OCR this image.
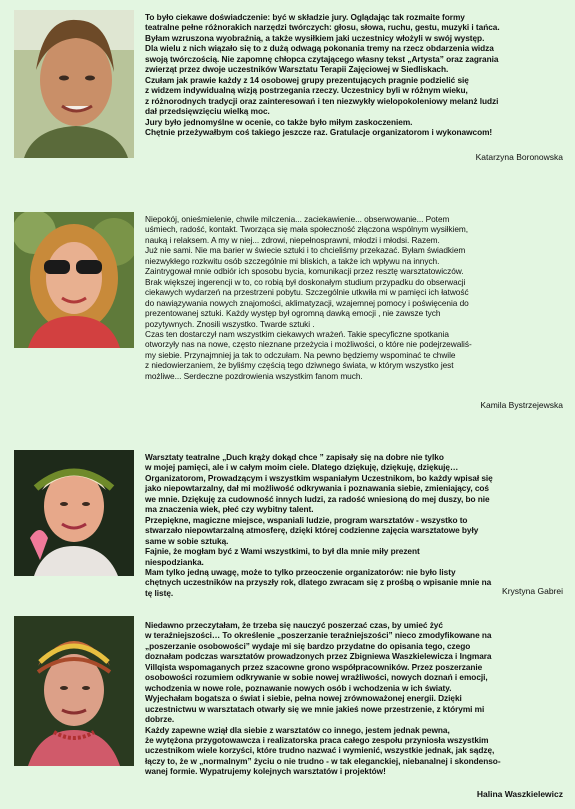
To było ciekawe doświadczenie: być w składzie jury. Oglądając tak rozmaite formy
teatralne pełne różnorakich narzędzi twórczych: głosu, słowa, ruchu, gestu, muzyki i tańca.
Byłam wzruszona wyobraźnią, a także wysiłkiem jaki uczestnicy włożyli w swój występ.
Dla wielu z nich wiązało się to z dużą odwagą pokonania tremy na rzecz obdarzenia widza
swoją twórczością. Nie zapomnę chłopca czytającego własny tekst „Artysta” oraz zagrania
zwierząt przez dwoje uczestników Warsztatu Terapii Zajęciowej w Siedliskach.
Czułam jak prawie każdy z 14 osobowej grupy prezentujących pragnie podzielić się
z widzem indywidualną wizją postrzegania rzeczy. Uczestnicy byli w różnym wieku,
z różnorodnych tradycji oraz zainteresowań i ten niezwykły wielopokoleniowy melanż ludzi
dał przedsięwzięciu wielką moc.
Jury było jednomyślne w ocenie, co także było miłym zaskoczeniem.
Chętnie przeżywałbym coś takiego jeszcze raz. Gratulacje organizatorom i wykonawcom!

Katarzyna Boronowska

Niepokój, onieśmielenie, chwile milczenia... zaciekawienie... obserwowanie... Potem
uśmiech, radość, kontakt. Tworząca się mała społeczność złączona wspólnym wysiłkiem,
nauką i relaksem. A my w niej... zdrowi, niepełnosprawni, młodzi i młodsi. Razem.
Już nie sami. Nie ma barier w świecie sztuki i to chcieliśmy przekazać. Byłam świadkiem
niezwykłego rozkwitu osób szczególnie mi bliskich, a także ich wpływu na innych.
Zaintrygował mnie odbiór ich sposobu bycia, komunikacji przez resztę warsztatowiczów.
Brak większej ingerencji w to, co robią był doskonałym studium przypadku do obserwacji
ciekawych wydarzeń na przestrzeni pobytu. Szczególnie utkwiła mi w pamięci ich łatwość
do nawiązywania nowych znajomości, aklimatyzacji, wzajemnej pomocy i poświęcenia do
prezentowanej sztuki. Każdy występ był ogromną dawką emocji , nie zawsze tych
pozytywnych. Znosili wszystko. Twarde sztuki .
Czas ten dostarczył nam wszystkim ciekawych wrażeń. Takie specyficzne spotkania
otworzyły nas na nowe, często nieznane przeżycia i możliwości, o które nie podejrzewaliś-
my siebie. Przynajmniej ja tak to odczułam. Na pewno będziemy wspominać te chwile
z niedowierzaniem, że byliśmy częścią tego dziwnego świata, w którym wszystko jest
możliwe... Serdeczne pozdrowienia wszystkim fanom much.

Kamila Bystrzejewska

Warsztaty teatralne „Duch krąży dokąd chce ” zapisały się na dobre nie tylko
w mojej pamięci, ale i w całym moim ciele. Dlatego dziękuję, dziękuję, dziękuję…
Organizatorom, Prowadzącym i wszystkim wspaniałym Uczestnikom, bo każdy wpisał się
jako niepowtarzalny, dał mi możliwość odkrywania i poznawania siebie, zmieniający, coś
we mnie. Dziękuję za cudowność innych ludzi, za radość wniesioną do mej duszy, bo nie
ma znaczenia wiek, płeć czy wybitny talent.
Przepiękne, magiczne miejsce, wspaniali ludzie, program warsztatów - wszystko to
stwarzało niepowtarzalną atmosferę, dzięki której codzienne zajęcia warsztatowe były
same w sobie sztuką.
Fajnie, że mogłam być z Wami wszystkimi, to był dla mnie miły prezent
niespodzianka.
Mam tylko jedną uwagę, może to tylko przeoczenie organizatorów: nie było listy
chętnych uczestników na przyszły rok, dlatego zwracam się z prośbą o wpisanie mnie na
tę listę.	Krystyna Gabrei

Niedawno przeczytałam, że trzeba się nauczyć poszerzać czas, by umieć żyć
w teraźniejszości… To określenie „poszerzanie teraźniejszości” nieco zmodyfikowane na
„poszerzanie osobowości” wydaje mi się bardzo przydatne do opisania tego, czego
doznałam podczas warsztatów prowadzonych przez Zbigniewa Waszkielewicza i Ingmara
Villqista wspomaganych przez szacowne grono współpracowników. Przez poszerzanie
osobowości rozumiem odkrywanie w sobie nowej wrażliwości, nowych doznań i emocji,
wchodzenia w nowe role, poznawanie nowych osób i wchodzenia w ich światy.
Wyjechałam bogatsza o świat i siebie, pełna nowej zrównoważonej energii. Dzięki
uczestnictwu w warsztatach otwarły się we mnie jakieś nowe przestrzenie, z którymi mi
dobrze.
Każdy zapewne wziął dla siebie z warsztatów co innego, jestem jednak pewna,
że wytężona przygotowawcza i realizatorska praca całego zespołu przyniosła wszystkim
uczestnikom wiele korzyści, które trudno nazwać i wymienić, wszystkie jednak, jak sądzę,
łączy to, że w „normalnym” życiu o nie trudno - w tak eleganckiej, niebanalnej i skondenso-
wanej formie. Wypatrujemy kolejnych warsztatów i projektów!

Halina Waszkielewicz
